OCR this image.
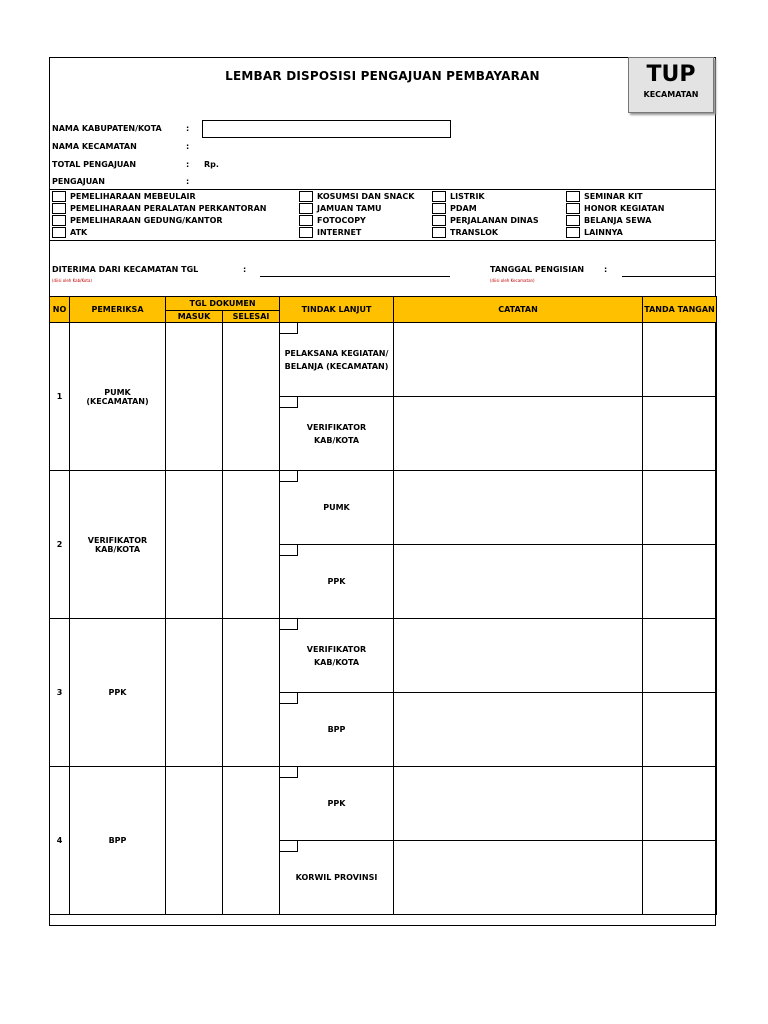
LEMBAR DISPOSISI PENGAJUAN PEMBAYARAN	TUP
KECAMATAN
NAMA KABUPATEN/KOTA	:
NAMA KECAMATAN	:
TOTAL PENGAJUAN	: Rp.
PENGAJUAN	:
PEMELIHARAAN MEBEULAIR
PEMELIHARAAN PERALATAN PERKANTORAN
PEMELIHARAAN GEDUNG/KANTOR
ATK
KOSUMSI DAN SNACK
JAMUAN TAMU
FOTOCOPY
INTERNET
LISTRIK
PDAM
PERJALANAN DINAS
TRANSLOK
SEMINAR KIT
HONOR KEGIATAN
BELANJA SEWA
LAINNYA
DITERIMA DARI KECAMATAN TGL	:
(diisi oleh Kab/Kota)
TANGGAL PENGISIAN :
(diisi oleh Kecamatan)
NO	PEMERIKSA	TGL DOKUMEN		TINDAK LANJUT	CATATAN	TANDA TANGAN
		MASUK	SELESAI			
1	PUMK (KECAMATAN)			PELAKSANA KEGIATAN/ BELANJA (KECAMATAN)		

				VERIFIKATOR KAB/KOTA		

2	VERIFIKATOR KAB/KOTA			PUMK		

				PPK		

3	PPK			VERIFIKATOR KAB/KOTA		

				BPP		

4	BPP			PPK		

				KORWIL PROVINSI		
